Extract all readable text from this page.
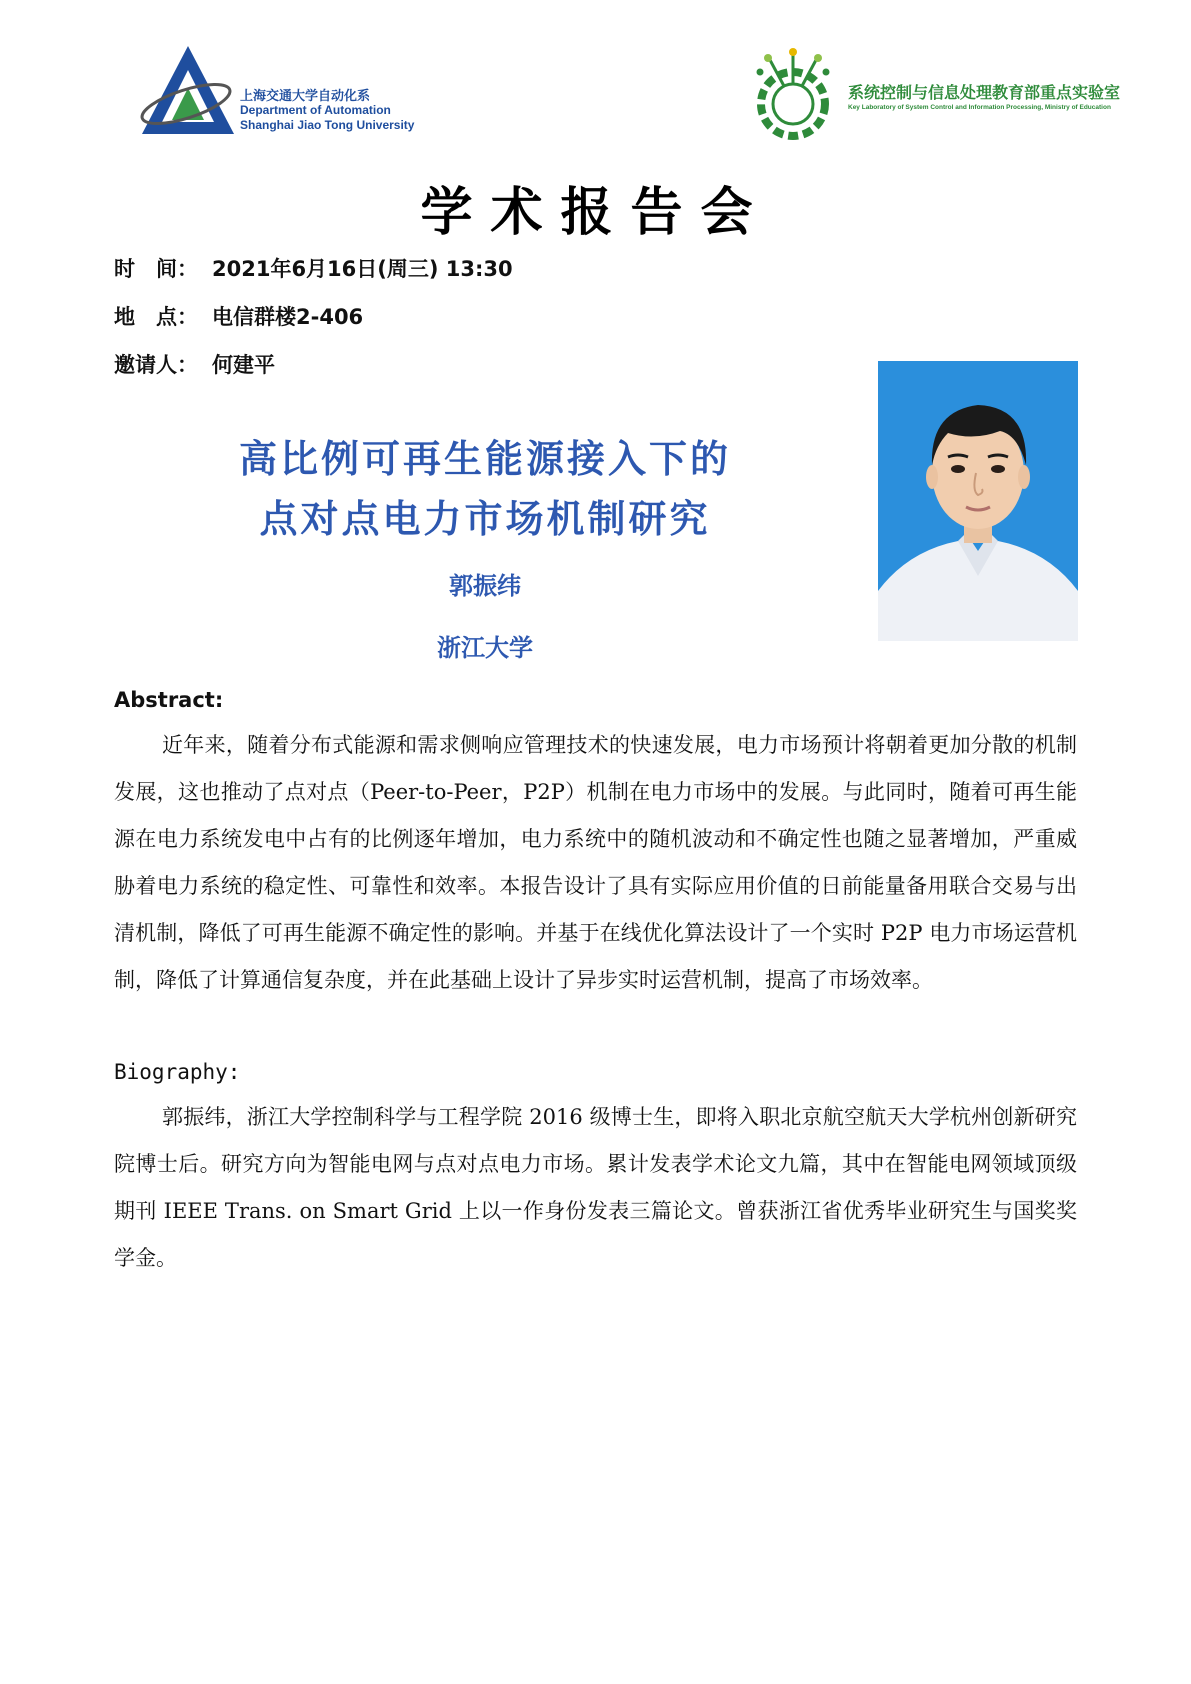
上海交通大学自动化系
Department of Automation
Shanghai Jiao Tong University
系统控制与信息处理教育部重点实验室
Key Laboratory of System Control and Information Processing, Ministry of Education
学术报告会
时　间： 2021年6月16日(周三) 13:30
地　点： 电信群楼2-406
邀请人： 何建平
高比例可再生能源接入下的
点对点电力市场机制研究
郭振纬
浙江大学
Abstract:

近年来，随着分布式能源和需求侧响应管理技术的快速发展，电力市场预计将朝着更加分散的机制发展，这也推动了点对点（Peer-to-Peer，P2P）机制在电力市场中的发展。与此同时，随着可再生能源在电力系统发电中占有的比例逐年增加，电力系统中的随机波动和不确定性也随之显著增加，严重威胁着电力系统的稳定性、可靠性和效率。本报告设计了具有实际应用价值的日前能量备用联合交易与出清机制，降低了可再生能源不确定性的影响。并基于在线优化算法设计了一个实时 P2P 电力市场运营机制，降低了计算通信复杂度，并在此基础上设计了异步实时运营机制，提高了市场效率。

Biography:

郭振纬，浙江大学控制科学与工程学院 2016 级博士生，即将入职北京航空航天大学杭州创新研究院博士后。研究方向为智能电网与点对点电力市场。累计发表学术论文九篇，其中在智能电网领域顶级期刊 IEEE Trans. on Smart Grid 上以一作身份发表三篇论文。曾获浙江省优秀毕业研究生与国奖奖学金。
